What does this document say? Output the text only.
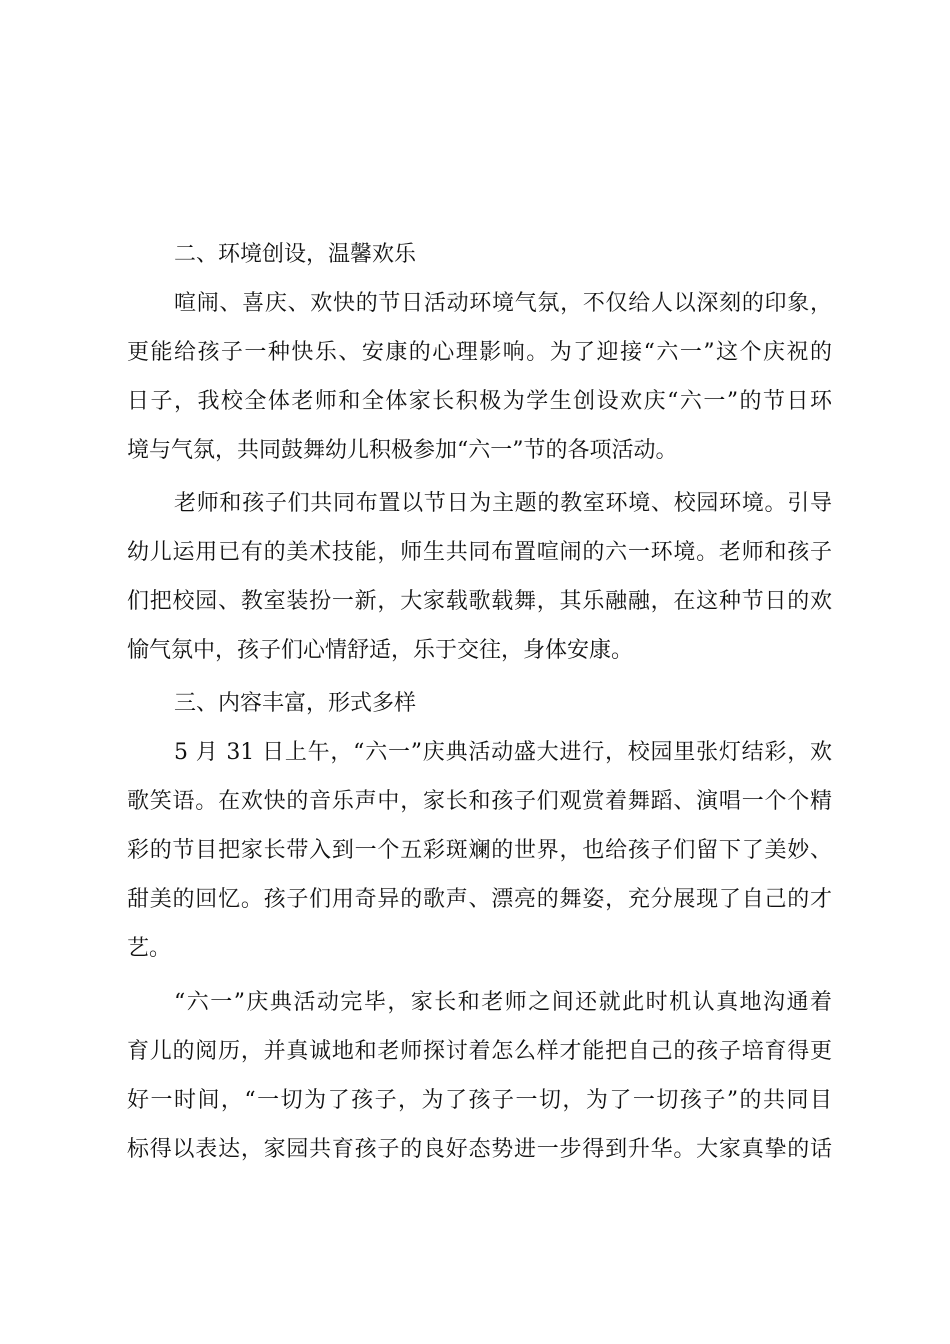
二、环境创设，温馨欢乐
喧闹、喜庆、欢快的节日活动环境气氛，不仅给人以深刻的印象，
更能给孩子一种快乐、安康的心理影响。为了迎接“六一”这个庆祝的
日子，我校全体老师和全体家长积极为学生创设欢庆“六一”的节日环
境与气氛，共同鼓舞幼儿积极参加“六一”节的各项活动。
老师和孩子们共同布置以节日为主题的教室环境、校园环境。引导
幼儿运用已有的美术技能，师生共同布置喧闹的六一环境。老师和孩子
们把校园、教室装扮一新，大家载歌载舞，其乐融融，在这种节日的欢
愉气氛中，孩子们心情舒适，乐于交往，身体安康。
三、内容丰富，形式多样
5 月 31 日上午，“六一”庆典活动盛大进行，校园里张灯结彩，欢
歌笑语。在欢快的音乐声中，家长和孩子们观赏着舞蹈、演唱一个个精
彩的节目把家长带入到一个五彩斑斓的世界，也给孩子们留下了美妙、
甜美的回忆。孩子们用奇异的歌声、漂亮的舞姿，充分展现了自己的才
艺。
“六一”庆典活动完毕，家长和老师之间还就此时机认真地沟通着
育儿的阅历，并真诚地和老师探讨着怎么样才能把自己的孩子培育得更
好一时间，“一切为了孩子，为了孩子一切，为了一切孩子”的共同目
标得以表达，家园共育孩子的良好态势进一步得到升华。大家真挚的话
